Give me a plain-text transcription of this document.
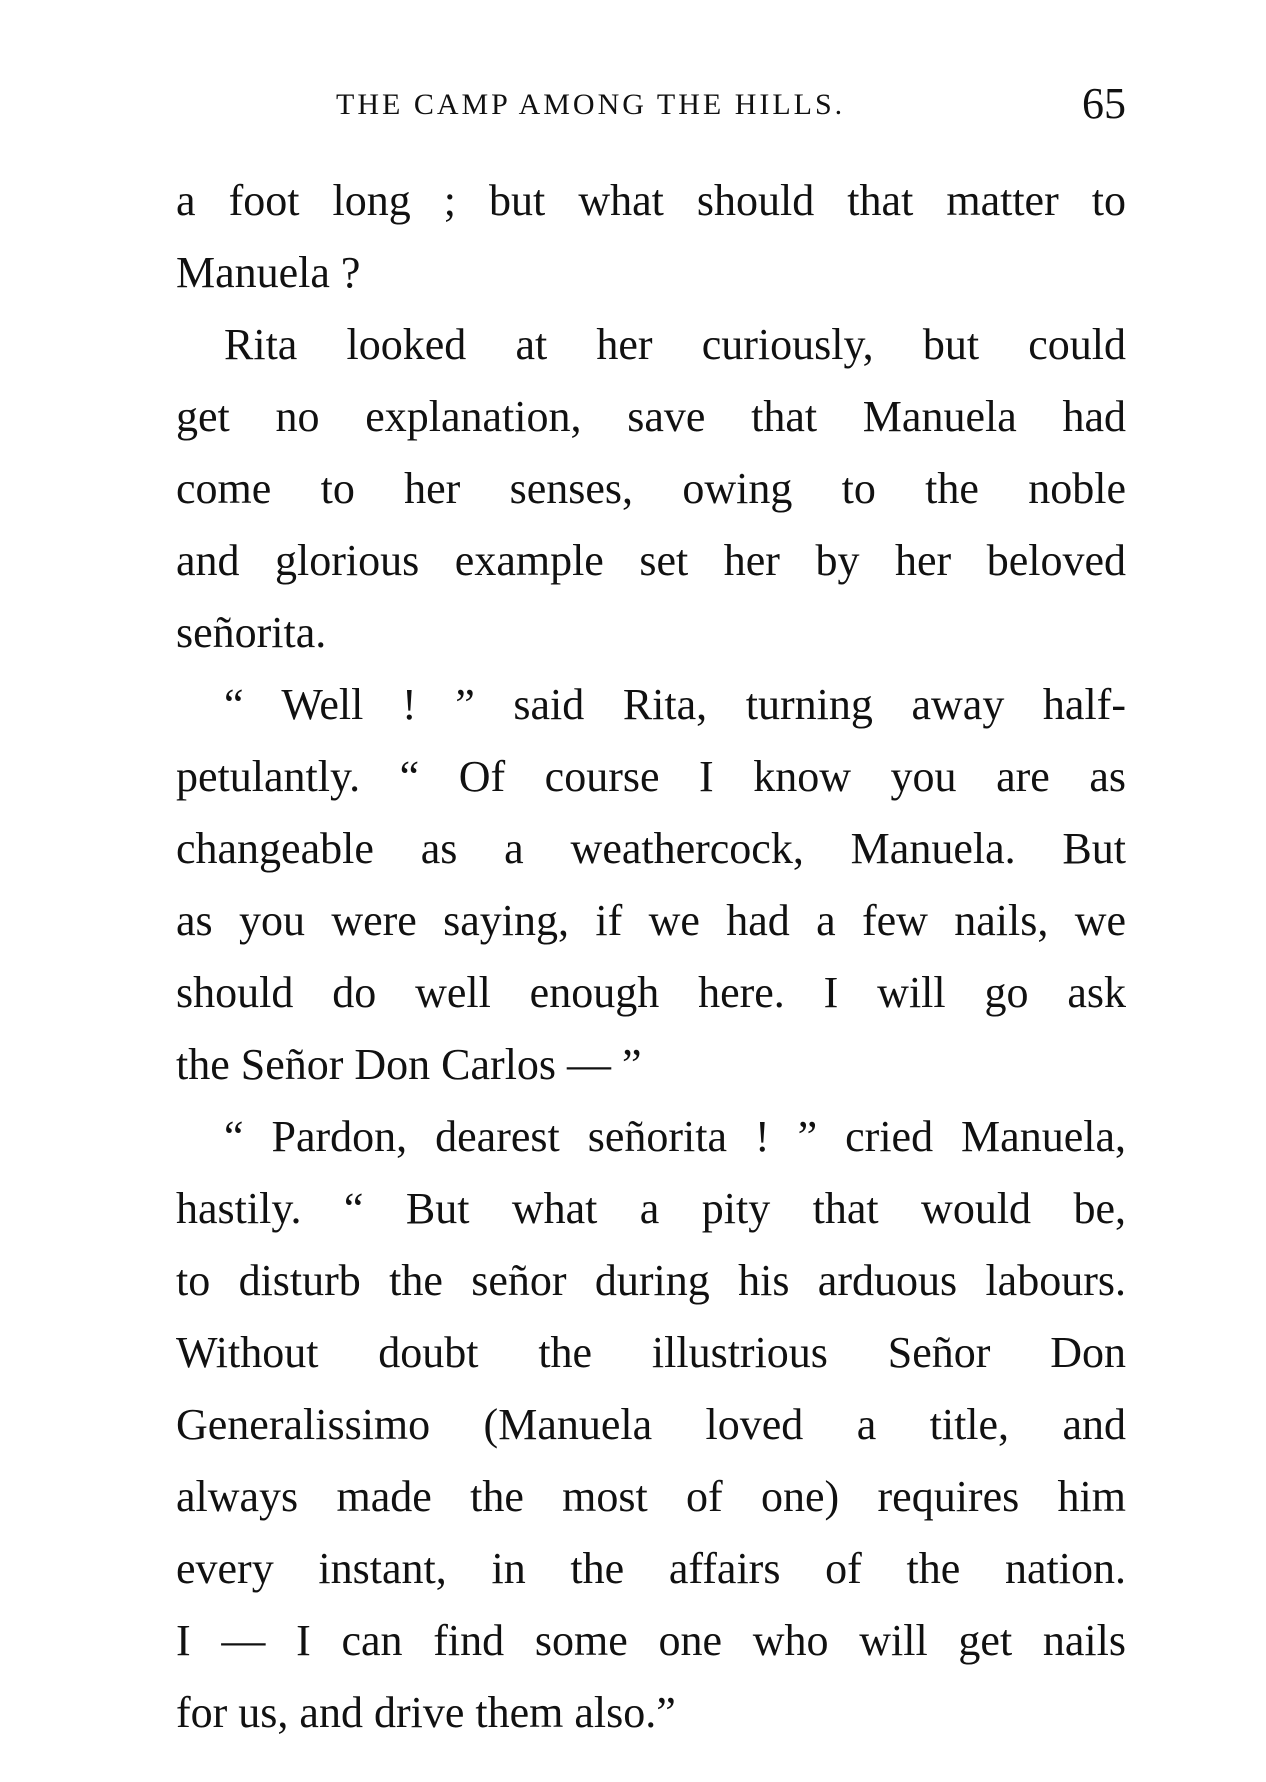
THE CAMP AMONG THE HILLS.	65
a foot long ; but what should that matter to
Manuela ?
Rita looked at her curiously, but could
get no explanation, save that Manuela had
come to her senses, owing to the noble
and glorious example set her by her beloved
señorita.
“ Well ! ” said Rita, turning away half-
petulantly. “ Of course I know you are as
changeable as a weathercock, Manuela. But
as you were saying, if we had a few nails, we
should do well enough here. I will go ask
the Señor Don Carlos — ”
“ Pardon, dearest señorita ! ” cried Manuela,
hastily. “ But what a pity that would be,
to disturb the señor during his arduous labours.
Without doubt the illustrious Señor Don
Generalissimo (Manuela loved a title, and
always made the most of one) requires him
every instant, in the affairs of the nation.
I — I can find some one who will get nails
for us, and drive them also.”
